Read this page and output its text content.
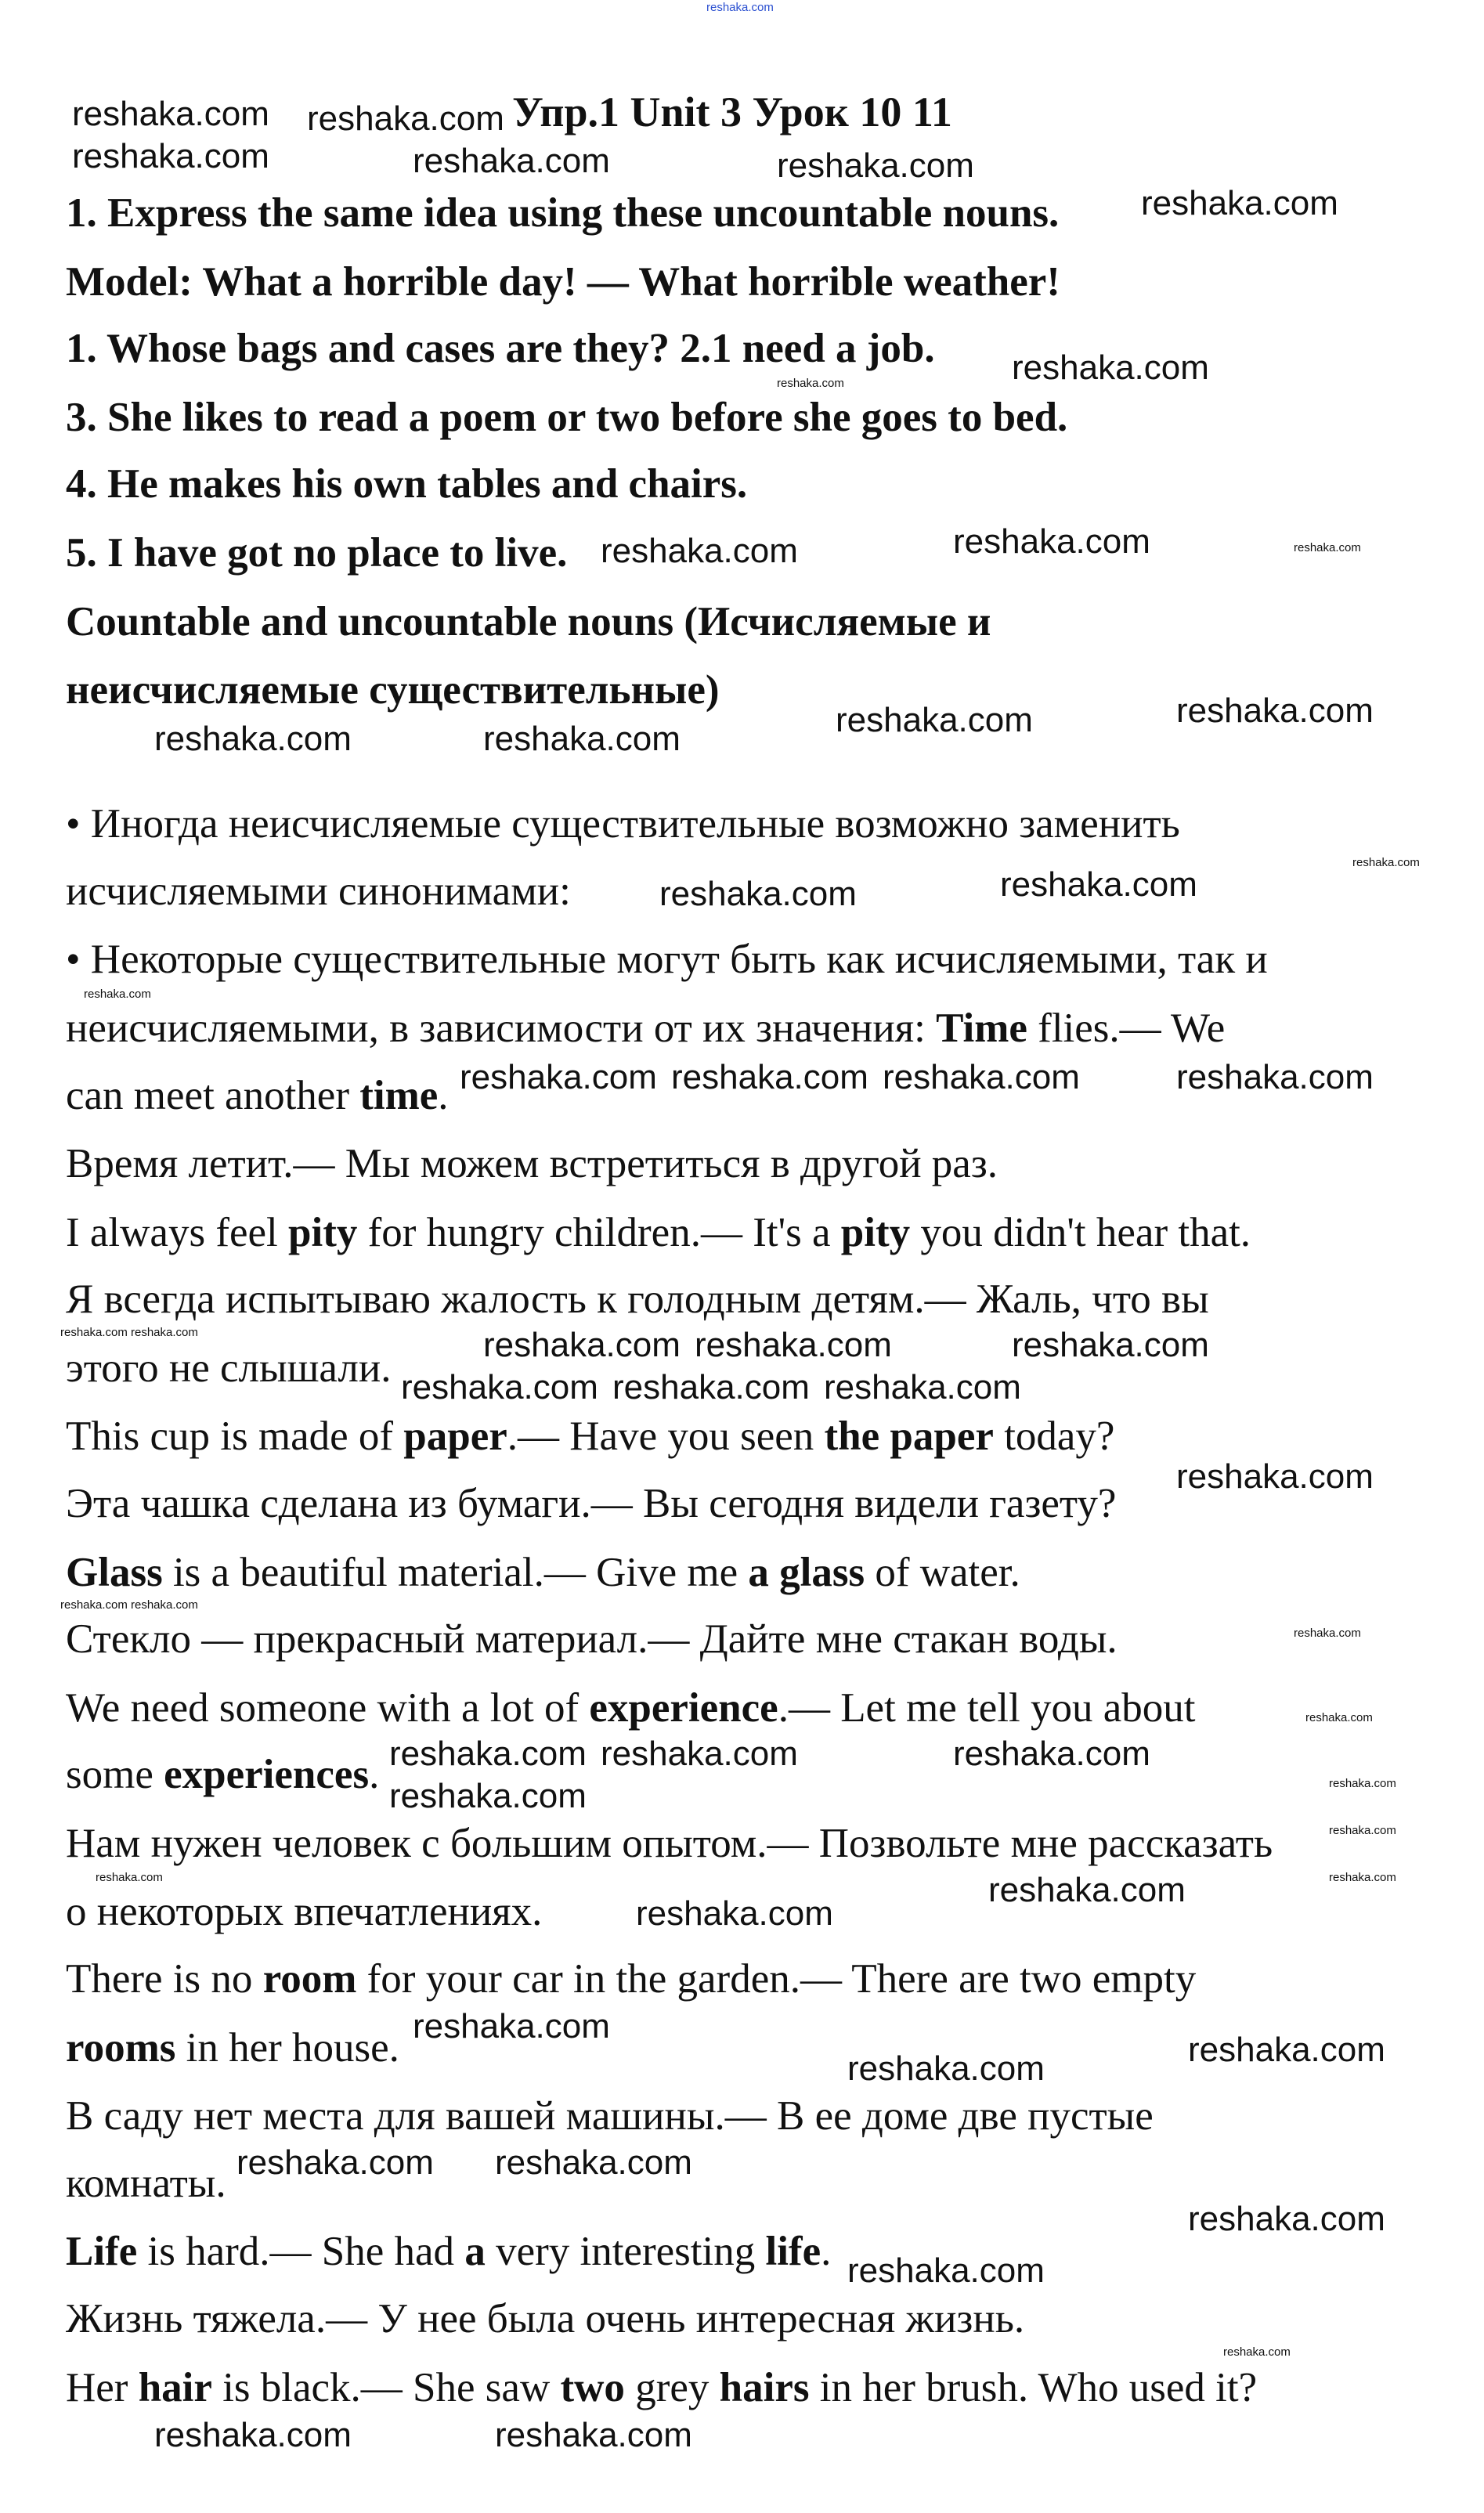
Упр.1 Unit 3 Урок 10 11
1. Express the same idea using these uncountable nouns.
Model: What a horrible day! — What horrible weather!
1. Whose bags and cases are they? 2.1 need a job.
3. She likes to read a poem or two before she goes to bed.
4. He makes his own tables and chairs.
5. I have got no place to live.
Countable and uncountable nouns (Исчисляемые и
неисчисляемые существительные)
• Иногда неисчисляемые существительные возможно заменить
исчисляемыми синонимами:
• Некоторые существительные могут быть как исчисляемыми, так и
неисчисляемыми, в зависимости от их значения: Time flies.— We
can meet another time.
Время летит.— Мы можем встретиться в другой раз.
I always feel pity for hungry children.— It's a pity you didn't hear that.
Я всегда испытываю жалость к голодным детям.— Жаль, что вы
этого не слышали.
This cup is made of paper.— Have you seen the paper today?
Эта чашка сделана из бумаги.— Вы сегодня видели газету?
Glass is a beautiful material.— Give me a glass of water.
Стекло — прекрасный материал.— Дайте мне стакан воды.
We need someone with a lot of experience.— Let me tell you about
some experiences.
Нам нужен человек с большим опытом.— Позвольте мне рассказать
о некоторых впечатлениях.
There is no room for your car in the garden.— There are two empty
rooms in her house.
В саду нет места для вашей машины.— В ее доме две пустые
комнаты.
Life is hard.— She had a very interesting life.
Жизнь тяжела.— У нее была очень интересная жизнь.
Her hair is black.— She saw two grey hairs in her brush. Who used it?
reshaka.com
reshaka.com
reshaka.com
reshaka.com
reshaka.com
reshaka.com reshaka.com
reshaka.com reshaka.com
reshaka.com
reshaka.com
reshaka.com
reshaka.com
reshaka.com
reshaka.com
reshaka.com
reshaka.com	reshaka.com	reshaka.com
reshaka.com
reshaka.com reshaka.com
reshaka.com
reshaka.com
reshaka.com	reshaka.com
reshaka.com	reshaka.com	reshaka.com
reshaka.com
reshaka.com	reshaka.com
reshaka.com reshaka.com	reshaka.com
reshaka.com
reshaka.com
reshaka.com	reshaka.com
reshaka.com reshaka.com
reshaka.com
reshaka.com	reshaka.com
reshaka.com
reshaka.com
reshaka.com
reshaka.com
reshaka.com
reshaka.com
reshaka.com
reshaka.com reshaka.com
reshaka.com
reshaka.com
reshaka.com	reshaka.com
